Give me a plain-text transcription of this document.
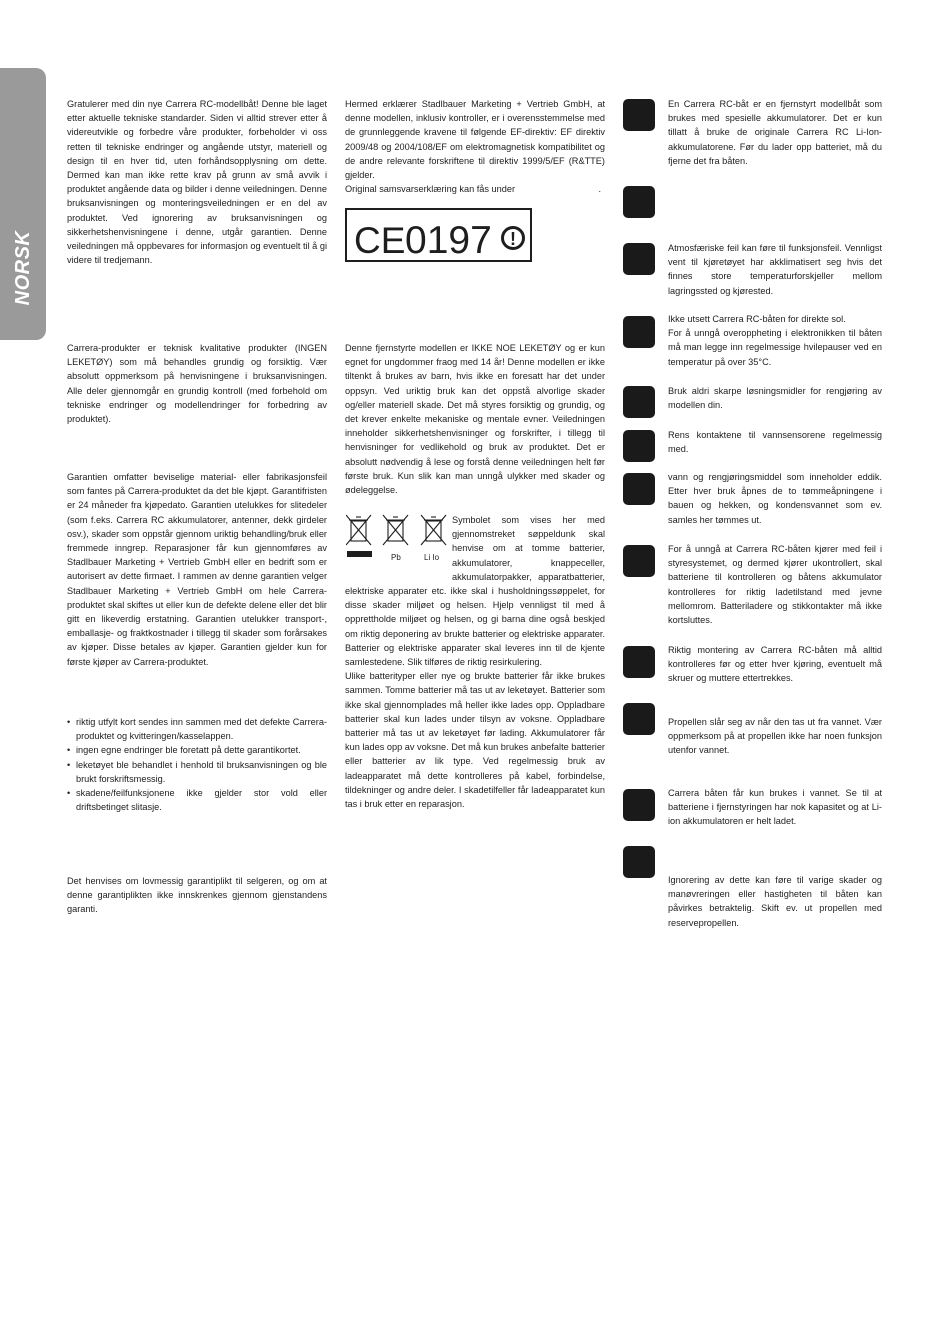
NORSK

Gratulerer med din nye Carrera RC-modellbåt! Denne ble laget etter aktuelle tekniske standarder. Siden vi alltid strever etter å videreutvikle og forbedre våre produkter, forbeholder vi oss retten til tekniske endringer og angående utstyr, materiell og design til en hver tid, uten forhåndsopplysning om dette. Dermed kan man ikke rette krav på grunn av små avvik i produktet angående data og bilder i denne veiledningen. Denne bruksanvisningen og monteringsveiledningen er en del av produktet. Ved ignorering av bruksanvisningen og sikkerhetshenvisningene i denne, utgår garantien. Denne veiledningen må oppbevares for informasjon og eventuelt til å gi videre til tredjemann.

Carrera-produkter er teknisk kvalitative produkter (INGEN LEKETØY) som må behandles grundig og forsiktig. Vær absolutt oppmerksom på henvisningene i bruksanvisningen. Alle deler gjennomgår en grundig kontroll (med forbehold om tekniske endringer og modellendringer for forbedring av produktet).

Garantien omfatter beviselige material- eller fabrikasjonsfeil som fantes på Carrera-produktet da det ble kjøpt. Garantifristen er 24 måneder fra kjøpedato. Garantien utelukkes for slitedeler (som f.eks. Carrera RC akkumulatorer, antenner, dekk girdeler osv.), skader som oppstår gjennom uriktig behandling/bruk eller fremmede inngrep. Reparasjoner får kun gjennomføres av Stadlbauer Marketing + Vertrieb GmbH eller en bedrift som er autorisert av dette firmaet. I rammen av denne garantien velger Stadlbauer Marketing + Vertrieb GmbH om hele Carrera-produktet skal skiftes ut eller kun de defekte delene eller det blir gitt en likeverdig erstatning. Garantien utelukker transport-, emballasje- og fraktkostnader i tillegg til skader som forårsakes av kjøper. Disse betales av kjøper. Garantien gjelder kun for første kjøper av Carrera-produktet.

• riktig utfylt kort sendes inn sammen med det defekte Carrera-produktet og kvitteringen/kasselappen.
• ingen egne endringer ble foretatt på dette garantikortet.
• leketøyet ble behandlet i henhold til bruksanvisningen og ble brukt forskriftsmessig.
• skadene/feilfunksjonene ikke gjelder stor vold eller driftsbetinget slitasje.

Det henvises om lovmessig garantiplikt til selgeren, og om at denne garantiplikten ikke innskrenkes gjennom gjenstandens garanti.

Hermed erklærer Stadlbauer Marketing + Vertrieb GmbH, at denne modellen, inklusiv kontroller, er i overensstemmelse med de grunnleggende kravene til følgende EF-direktiv: EF direktiv 2009/48 og 2004/108/EF om elektromagnetisk kompatibilitet og de andre relevante forskriftene til direktiv 1999/5/EF (R&TTE) gjelder.

Original samsvarserklæring kan fås under	.

CE 0197 !

Denne fjernstyrte modellen er IKKE NOE LEKETØY og er kun egnet for ungdommer fraog med 14 år! Denne modellen er ikke tiltenkt å brukes av barn, hvis ikke en foresatt har det under oppsyn. Ved uriktig bruk kan det oppstå alvorlige skader og/eller materiell skade. Det må styres forsiktig og grundig, og det krever enkelte mekaniske og mentale evner. Veiledningen inneholder sikkerhetshenvisninger og forskrifter, i tillegg til henvisninger for vedlikehold og bruk av produktet. Det er absolutt nødvendig å lese og forstå denne veiledningen helt før første bruk. Kun slik kan man unngå ulykker med skader og ødeleggelse.

Pb	Li Io

Symbolet som vises her med gjennomstreket søppeldunk skal henvise om at tomme batterier, akkumulatorer, knappeceller, akkumulatorpakker, apparatbatterier, elektriske apparater etc. ikke skal i husholdningssøppelet, for disse skader miljøet og helsen. Hjelp vennligst til med å opprettholde miljøet og helsen, og gi barna dine også beskjed om riktig deponering av brukte batterier og elektriske apparater. Batterier og elektriske apparater skal leveres inn til de kjente samlestedene. Slik tilføres de riktig resirkulering.

Ulike batterityper eller nye og brukte batterier får ikke brukes sammen. Tomme batterier må tas ut av leketøyet. Batterier som ikke skal gjennomplades må heller ikke lades opp. Oppladbare batterier skal kun lades under tilsyn av voksne. Oppladbare batterier må tas ut av leketøyet før lading. Akkumulatorer får kun lades opp av voksne. Det må kun brukes anbefalte batterier eller batterier av lik type. Ved regelmessig bruk av ladeapparatet må dette kontrolleres på kabel, forbindelse, tildekninger og andre deler. I skadetilfeller får ladeapparatet kun tas i bruk etter en reparasjon.

En Carrera RC-båt er en fjernstyrt modellbåt som brukes med spesielle akkumulatorer. Det er kun tillatt å bruke de originale Carrera RC Li-Ion-akkumulatorene. Før du lader opp batteriet, må du fjerne det fra båten.

Atmosfæriske feil kan føre til funksjonsfeil. Vennligst vent til kjøretøyet har akklimatisert seg hvis det finnes store temperaturforskjeller mellom lagringssted og kjørested.

Ikke utsett Carrera RC-båten for direkte sol.

For å unngå overoppheting i elektronikken til båten må man legge inn regelmessige hvilepauser ved en temperatur på over 35°C.

Bruk aldri skarpe løsningsmidler for rengjøring av modellen din.

Rens kontaktene til vannsensorene regelmessig med.

vann og rengjøringsmiddel som inneholder eddik. Etter hver bruk åpnes de to tømmeåpningene i bauen og hekken, og kondensvannet som ev. samles her tømmes ut.

For å unngå at Carrera RC-båten kjører med feil i styresystemet, og dermed kjører ukontrollert, skal batteriene til kontrolleren og båtens akkumulator kontrolleres for riktig ladetilstand med jevne mellomrom. Batteriladere og stikkontakter må ikke kortsluttes.

Riktig montering av Carrera RC-båten må alltid kontrolleres før og etter hver kjøring, eventuelt må skruer og muttere ettertrekkes.

Propellen slår seg av når den tas ut fra vannet. Vær oppmerksom på at propellen ikke har noen funksjon utenfor vannet.

Carrera båten får kun brukes i vannet. Se til at batteriene i fjernstyringen har nok kapasitet og at Li-ion akkumulatoren er helt ladet.

Ignorering av dette kan føre til varige skader og manøvreringen eller hastigheten til båten kan påvirkes betraktelig. Skift ev. ut propellen med reservepropellen.
